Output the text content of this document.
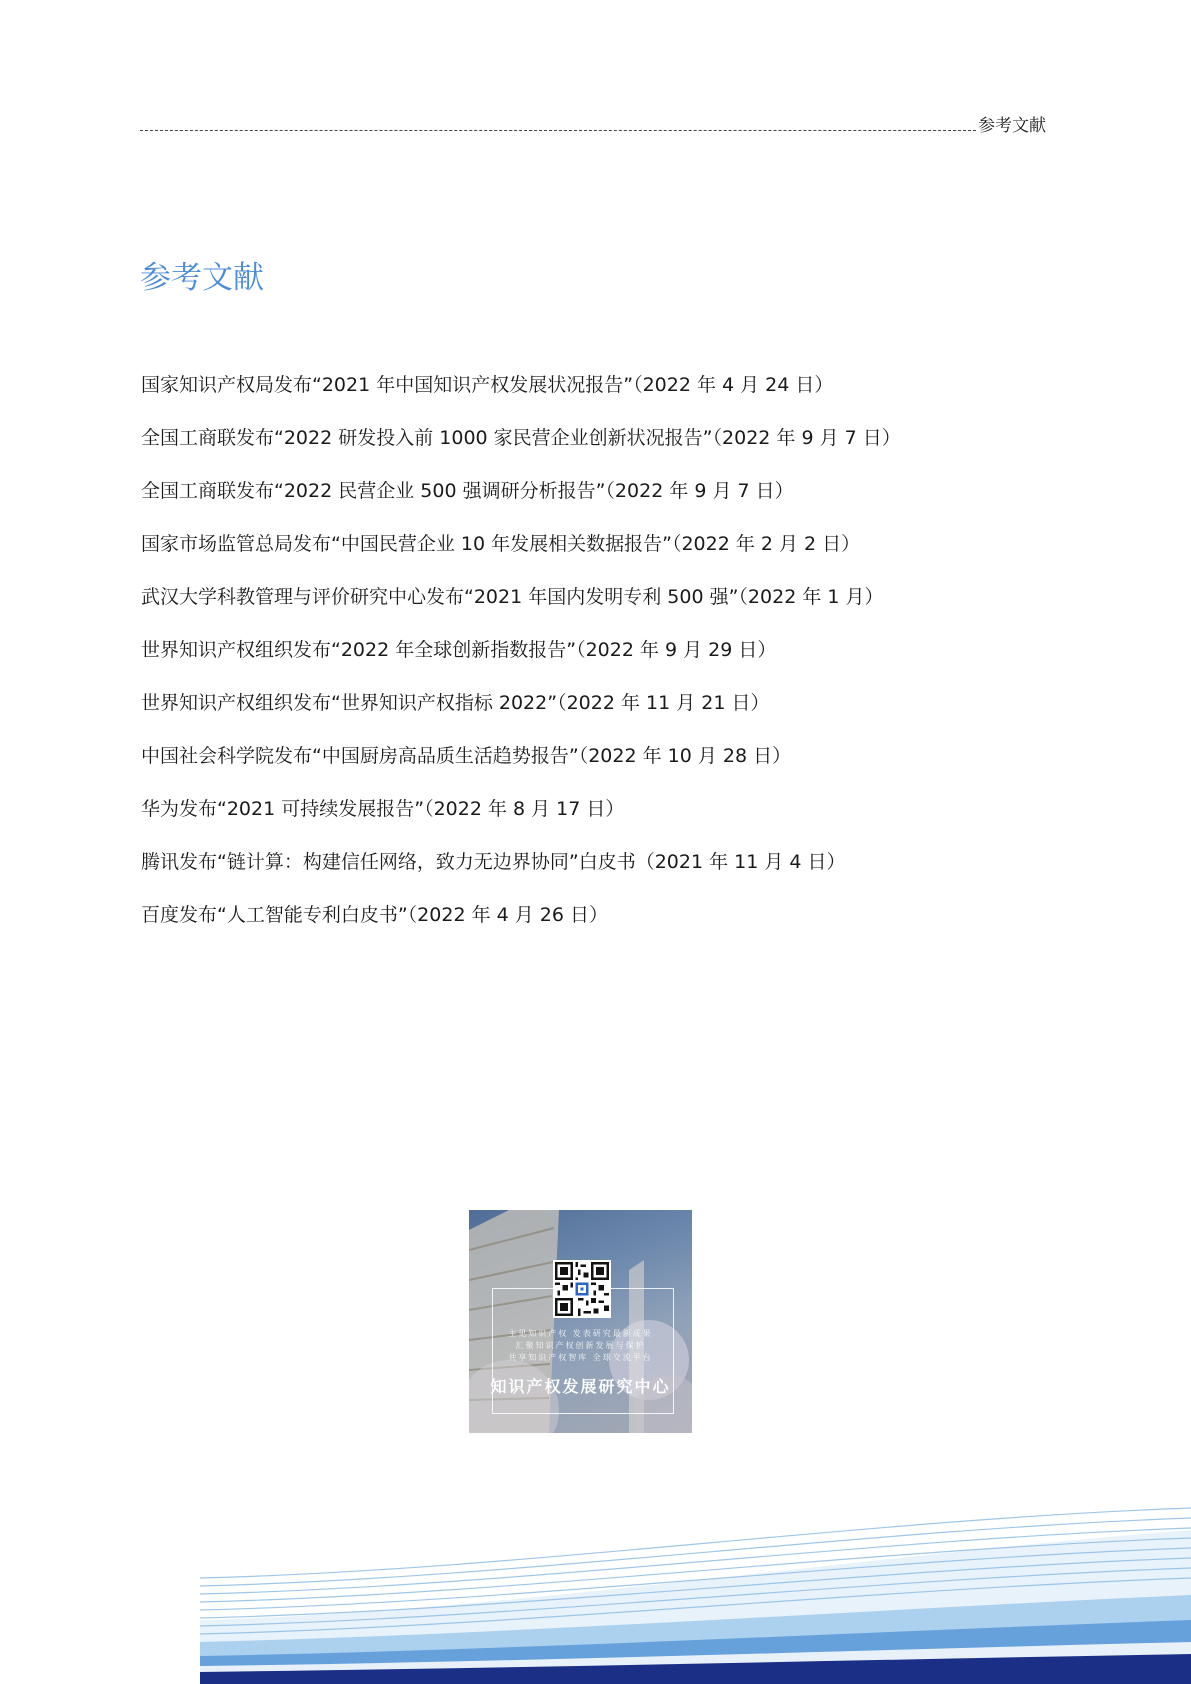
参考文献
参考文献
国家知识产权局发布“2021 年中国知识产权发展状况报告”（2022 年 4 月 24 日）
全国工商联发布“2022 研发投入前 1000 家民营企业创新状况报告”（2022 年 9 月 7 日）
全国工商联发布“2022 民营企业 500 强调研分析报告”（2022 年 9 月 7 日）
国家市场监管总局发布“中国民营企业 10 年发展相关数据报告”（2022 年 2 月 2 日）
武汉大学科教管理与评价研究中心发布“2021 年国内发明专利 500 强”（2022 年 1 月）
世界知识产权组织发布“2022 年全球创新指数报告”（2022 年 9 月 29 日）
世界知识产权组织发布“世界知识产权指标 2022”（2022 年 11 月 21 日）
中国社会科学院发布“中国厨房高品质生活趋势报告”（2022 年 10 月 28 日）
华为发布“2021 可持续发展报告”（2022 年 8 月 17 日）
腾讯发布“链计算：构建信任网络，致力无边界协同”白皮书（2021 年 11 月 4 日）
百度发布“人工智能专利白皮书”（2022 年 4 月 26 日）
主见知识产权 发表研究最新成果
汇聚知识产权创新发展与保护
共享知识产权智库 全球交流平台
知识产权发展研究中心
